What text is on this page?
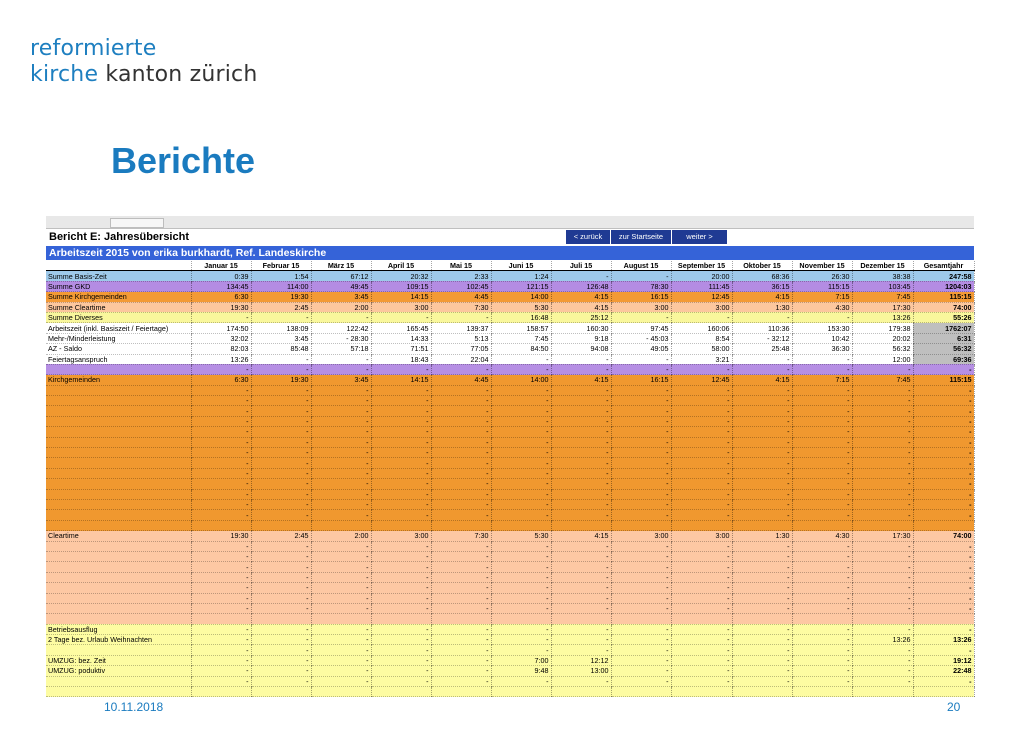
reformierte
kirche kanton zürich
Berichte
Bericht E: Jahresübersicht	< zurück	zur Startseite	weiter >
Arbeitszeit 2015 von erika burkhardt, Ref. Landeskirche
	Januar 15	Februar 15	März 15	April 15	Mai 15	Juni 15	Juli 15	August 15	September 15	Oktober 15	November 15	Dezember 15	Gesamtjahr
Summe Basis-Zeit	0:39	1:54	67:12	20:32	2:33	1:24	-	-	20:00	68:36	26:30	38:38	247:58
Summe GKD	134:45	114:00	49:45	109:15	102:45	121:15	126:48	78:30	111:45	36:15	115:15	103:45	1204:03
Summe Kirchgemeinden	6:30	19:30	3:45	14:15	4:45	14:00	4:15	16:15	12:45	4:15	7:15	7:45	115:15
Summe Cleartime	19:30	2:45	2:00	3:00	7:30	5:30	4:15	3:00	3:00	1:30	4:30	17:30	74:00
Summe Diverses	-	-	-	-	-	16:48	25:12	-	-	-	-	13:26	55:26
Arbeitszeit (inkl. Basiszeit / Feiertage)	174:50	138:09	122:42	165:45	139:37	158:57	160:30	97:45	160:06	110:36	153:30	179:38	1762:07
Mehr-/Minderleistung	32:02	3:45	- 28:30	14:33	5:13	7:45	9:18	- 45:03	8:54	- 32:12	10:42	20:02	6:31
AZ - Saldo	82:03	85:48	57:18	71:51	77:05	84:50	94:08	49:05	58:00	25:48	36:30	56:32	56:32
Feiertagsanspruch	13:26	-	-	18:43	22:04	-	-	-	3:21	-	-	12:00	69:36
	-	-	-	-	-	-	-	-	-	-	-	-	-
Kirchgemeinden	6:30	19:30	3:45	14:15	4:45	14:00	4:15	16:15	12:45	4:15	7:15	7:45	115:15
	-	-	-	-	-	-	-	-	-	-	-	-	-
	-	-	-	-	-	-	-	-	-	-	-	-	-
	-	-	-	-	-	-	-	-	-	-	-	-	-
	-	-	-	-	-	-	-	-	-	-	-	-	-
	-	-	-	-	-	-	-	-	-	-	-	-	-
	-	-	-	-	-	-	-	-	-	-	-	-	-
	-	-	-	-	-	-	-	-	-	-	-	-	-
	-	-	-	-	-	-	-	-	-	-	-	-	-
	-	-	-	-	-	-	-	-	-	-	-	-	-
	-	-	-	-	-	-	-	-	-	-	-	-	-
	-	-	-	-	-	-	-	-	-	-	-	-	-
	-	-	-	-	-	-	-	-	-	-	-	-	-
	-	-	-	-	-	-	-	-	-	-	-	-	-

Cleartime	19:30	2:45	2:00	3:00	7:30	5:30	4:15	3:00	3:00	1:30	4:30	17:30	74:00
	-	-	-	-	-	-	-	-	-	-	-	-	-
	-	-	-	-	-	-	-	-	-	-	-	-	-
	-	-	-	-	-	-	-	-	-	-	-	-	-
	-	-	-	-	-	-	-	-	-	-	-	-	-
	-	-	-	-	-	-	-	-	-	-	-	-	-
	-	-	-	-	-	-	-	-	-	-	-	-	-
	-	-	-	-	-	-	-	-	-	-	-	-	-

Betriebsausflug	-	-	-	-	-	-	-	-	-	-	-	-	-
2 Tage bez. Urlaub Weihnachten	-	-	-	-	-	-	-	-	-	-	-	13:26	13:26
	-	-	-	-	-	-	-	-	-	-	-	-	-
UMZUG: bez. Zeit	-	-	-	-	-	7:00	12:12	-	-	-	-	-	19:12
UMZUG: poduktiv	-	-	-	-	-	9:48	13:00	-	-	-	-	-	22:48
	-	-	-	-	-	-	-	-	-	-	-	-	-

10.11.2018	20
